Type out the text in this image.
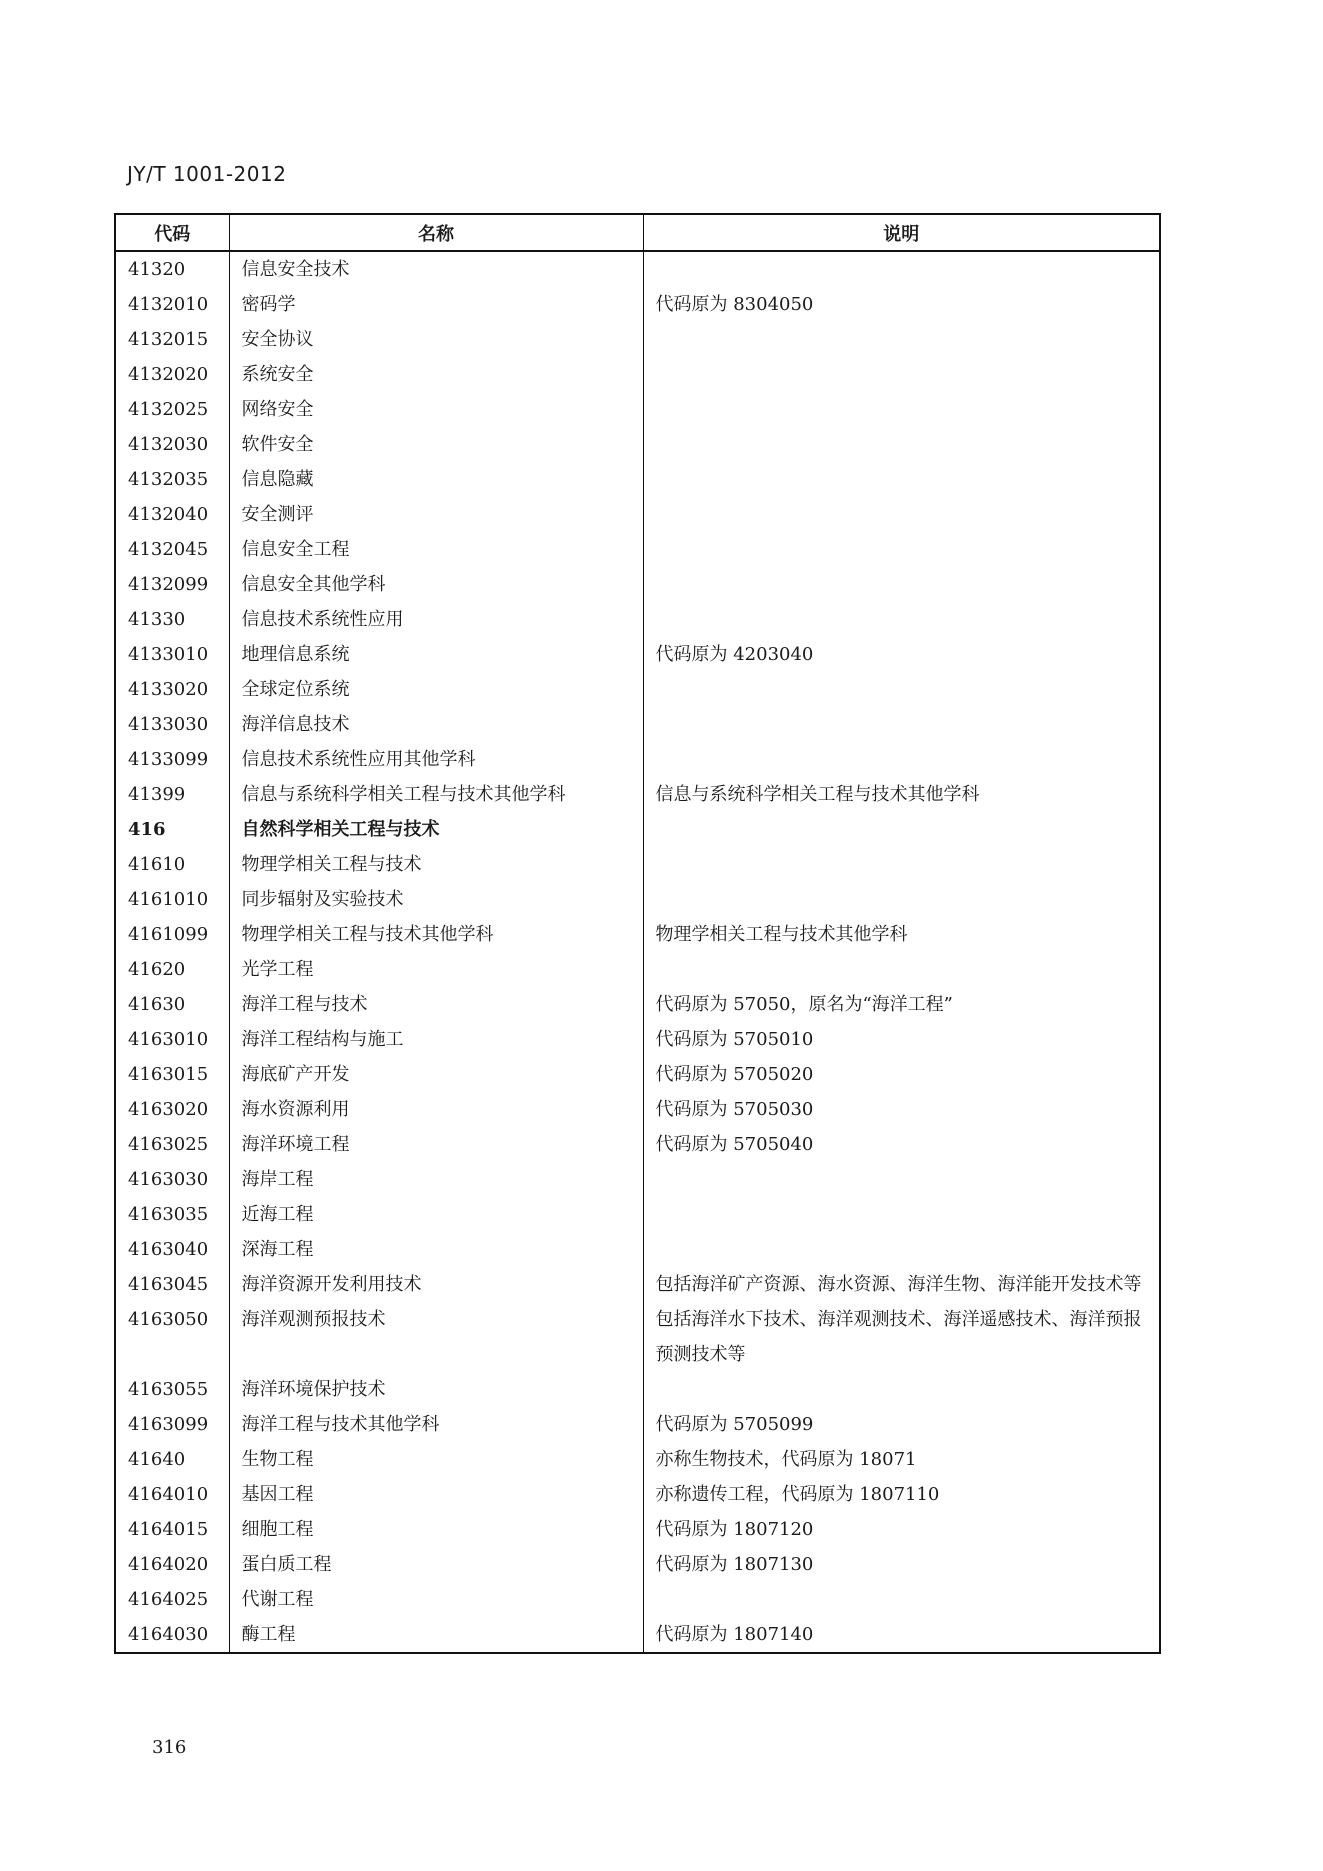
JY/T 1001-2012
代码	名称	说明
41320	信息安全技术	
4132010	密码学	代码原为 8304050
4132015	安全协议	
4132020	系统安全	
4132025	网络安全	
4132030	软件安全	
4132035	信息隐藏	
4132040	安全测评	
4132045	信息安全工程	
4132099	信息安全其他学科	
41330	信息技术系统性应用	
4133010	地理信息系统	代码原为 4203040
4133020	全球定位系统	
4133030	海洋信息技术	
4133099	信息技术系统性应用其他学科	
41399	信息与系统科学相关工程与技术其他学科	信息与系统科学相关工程与技术其他学科
416	自然科学相关工程与技术	
41610	物理学相关工程与技术	
4161010	同步辐射及实验技术	
4161099	物理学相关工程与技术其他学科	物理学相关工程与技术其他学科
41620	光学工程	
41630	海洋工程与技术	代码原为 57050，原名为“海洋工程”
4163010	海洋工程结构与施工	代码原为 5705010
4163015	海底矿产开发	代码原为 5705020
4163020	海水资源利用	代码原为 5705030
4163025	海洋环境工程	代码原为 5705040
4163030	海岸工程	
4163035	近海工程	
4163040	深海工程	
4163045	海洋资源开发利用技术	包括海洋矿产资源、海水资源、海洋生物、海洋能开发技术等
4163050	海洋观测预报技术	包括海洋水下技术、海洋观测技术、海洋遥感技术、海洋预报预测技术等
4163055	海洋环境保护技术	
4163099	海洋工程与技术其他学科	代码原为 5705099
41640	生物工程	亦称生物技术，代码原为 18071
4164010	基因工程	亦称遗传工程，代码原为 1807110
4164015	细胞工程	代码原为 1807120
4164020	蛋白质工程	代码原为 1807130
4164025	代谢工程	
4164030	酶工程	代码原为 1807140
316
